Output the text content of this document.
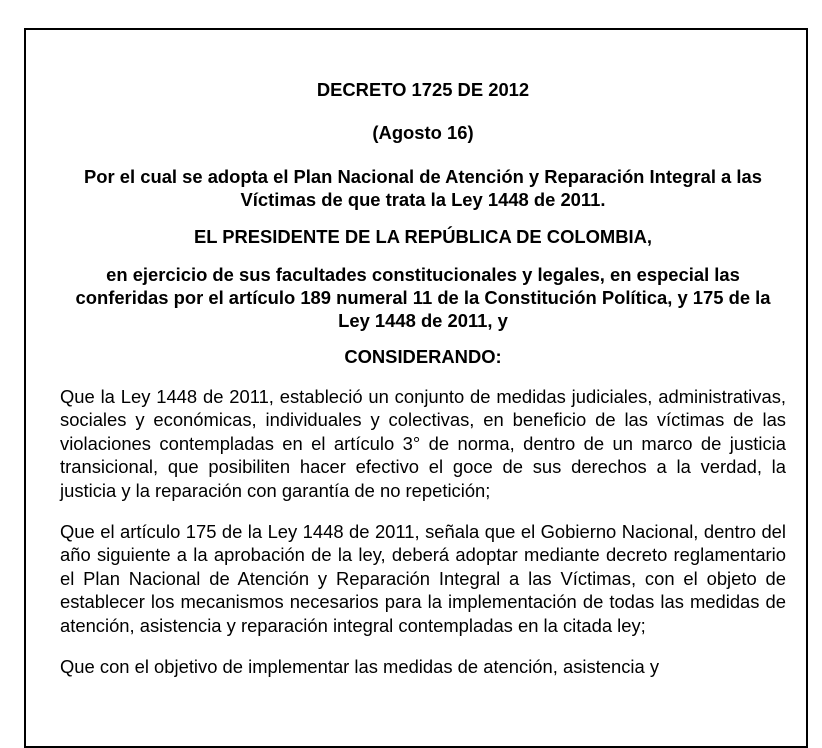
DECRETO 1725 DE 2012

(Agosto 16)

Por el cual se adopta el Plan Nacional de Atención y Reparación Integral a las Víctimas de que trata la Ley 1448 de 2011.

EL PRESIDENTE DE LA REPÚBLICA DE COLOMBIA,

en ejercicio de sus facultades constitucionales y legales, en especial las conferidas por el artículo 189 numeral 11 de la Constitución Política, y 175 de la Ley 1448 de 2011, y

CONSIDERANDO:

Que la Ley 1448 de 2011, estableció un conjunto de medidas judiciales, administrativas, sociales y económicas, individuales y colectivas, en beneficio de las víctimas de las violaciones contempladas en el artículo 3° de norma, dentro de un marco de justicia transicional, que posibiliten hacer efectivo el goce de sus derechos a la verdad, la justicia y la reparación con garantía de no repetición;

Que el artículo 175 de la Ley 1448 de 2011, señala que el Gobierno Nacional, dentro del año siguiente a la aprobación de la ley, deberá adoptar mediante decreto reglamentario el Plan Nacional de Atención y Reparación Integral a las Víctimas, con el objeto de establecer los mecanismos necesarios para la implementación de todas las medidas de atención, asistencia y reparación integral contempladas en la citada ley;

Que con el objetivo de implementar las medidas de atención, asistencia y
